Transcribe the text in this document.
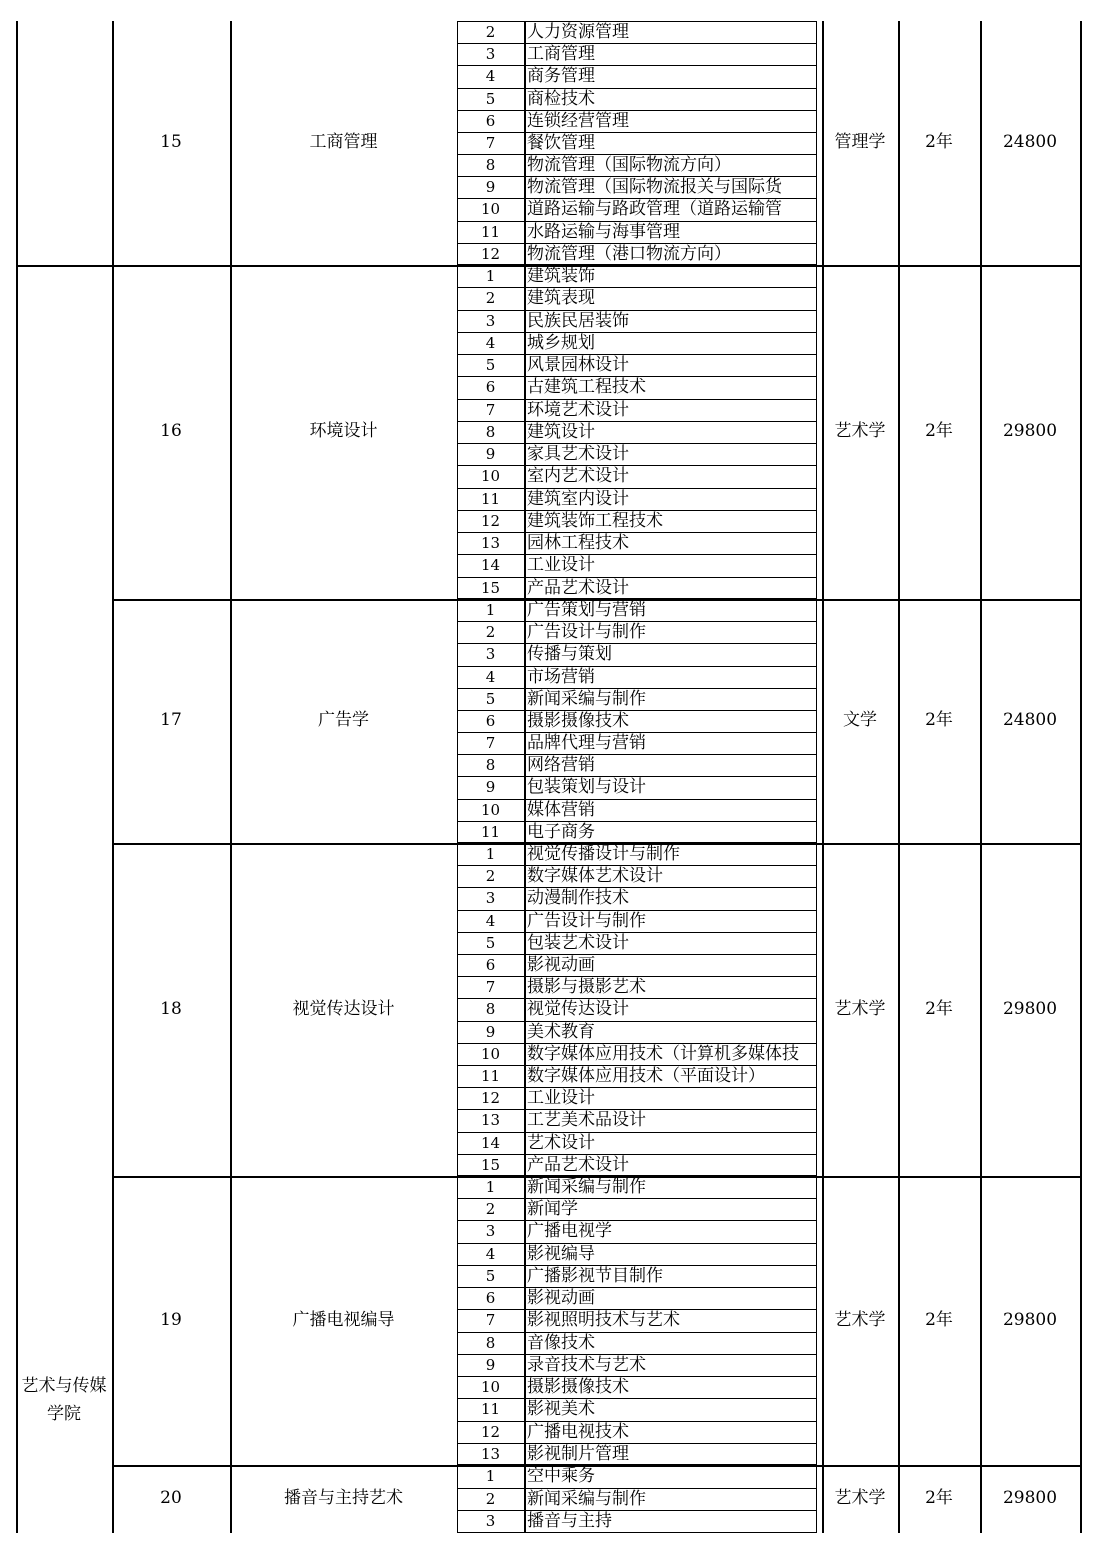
15	工商管理	管理学	2年	24800
2	人力资源管理
3	工商管理
4	商务管理
5	商检技术
6	连锁经营管理
7	餐饮管理
8	物流管理（国际物流方向）
9	物流管理（国际物流报关与国际货
10	道路运输与路政管理（道路运输管
11	水路运输与海事管理
12	物流管理（港口物流方向）
16	环境设计	艺术学	2年	29800
1	建筑装饰
2	建筑表现
3	民族民居装饰
4	城乡规划
5	风景园林设计
6	古建筑工程技术
7	环境艺术设计
8	建筑设计
9	家具艺术设计
10	室内艺术设计
11	建筑室内设计
12	建筑装饰工程技术
13	园林工程技术
14	工业设计
15	产品艺术设计
17	广告学	文学	2年	24800
1	广告策划与营销
2	广告设计与制作
3	传播与策划
4	市场营销
5	新闻采编与制作
6	摄影摄像技术
7	品牌代理与营销
8	网络营销
9	包装策划与设计
10	媒体营销
11	电子商务
18	视觉传达设计	艺术学	2年	29800
1	视觉传播设计与制作
2	数字媒体艺术设计
3	动漫制作技术
4	广告设计与制作
5	包装艺术设计
6	影视动画
7	摄影与摄影艺术
8	视觉传达设计
9	美术教育
10	数字媒体应用技术（计算机多媒体技
11	数字媒体应用技术（平面设计）
12	工业设计
13	工艺美术品设计
14	艺术设计
15	产品艺术设计
19	广播电视编导	艺术学	2年	29800
1	新闻采编与制作
2	新闻学
3	广播电视学
4	影视编导
5	广播影视节目制作
6	影视动画
7	影视照明技术与艺术
8	音像技术
9	录音技术与艺术
10	摄影摄像技术
11	影视美术
12	广播电视技术
13	影视制片管理
20	播音与主持艺术	艺术学	2年	29800
1	空中乘务
2	新闻采编与制作
3	播音与主持
艺术与传媒学院
